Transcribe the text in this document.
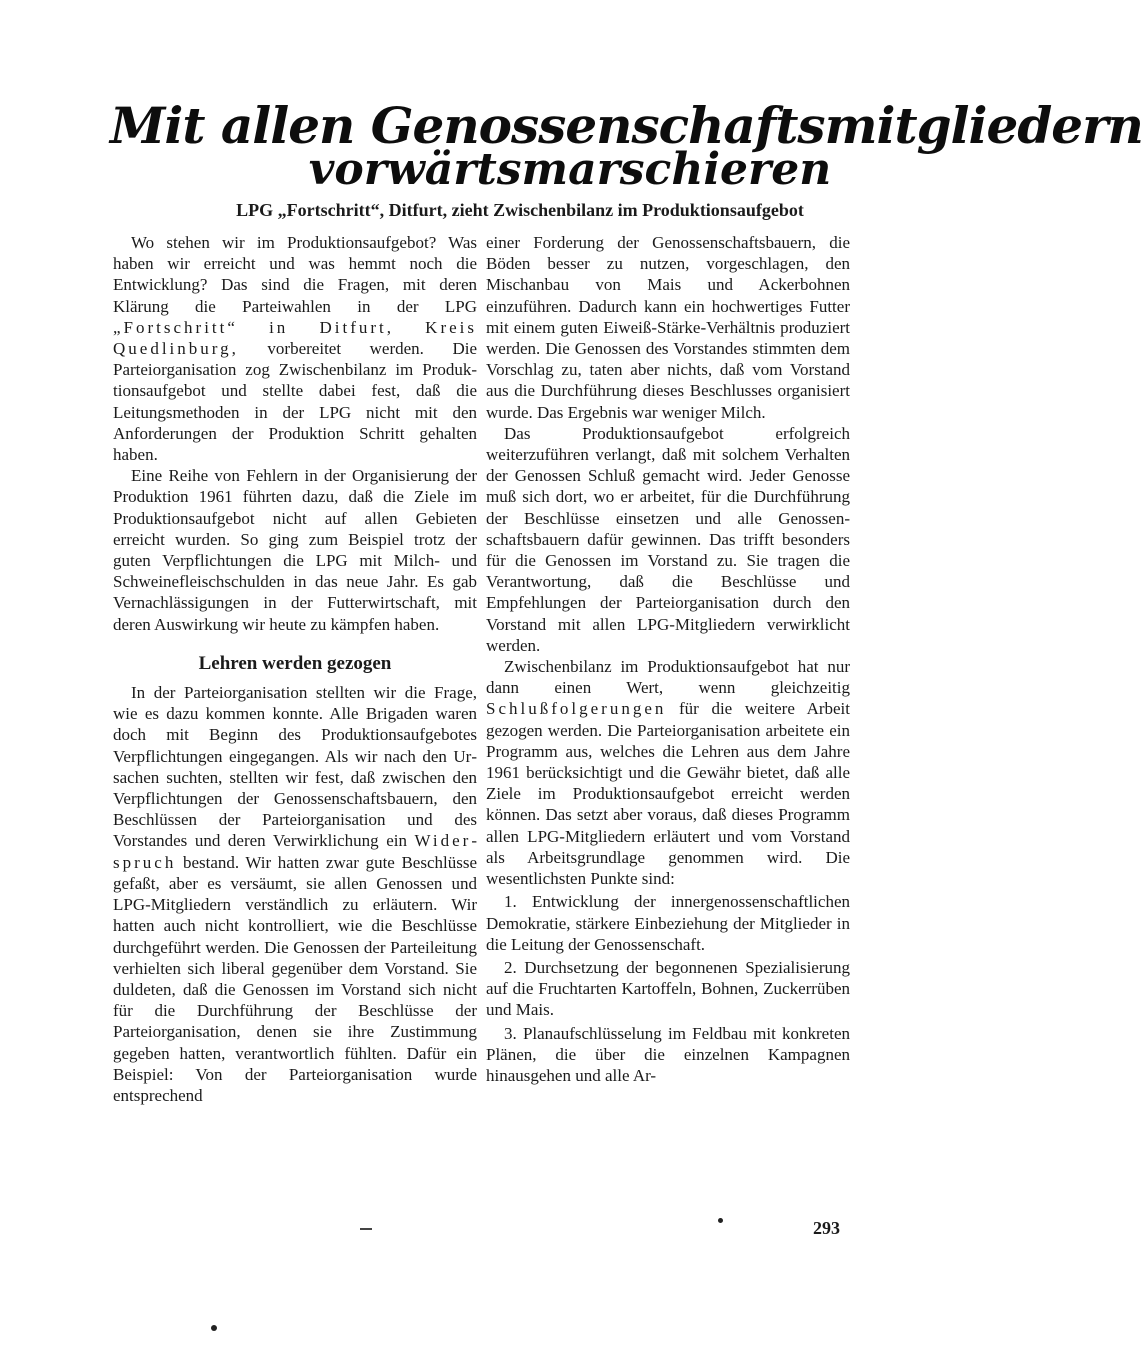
Mit allen Genossenschaftsmitgliedern
vorwärtsmarschieren

LPG „Fortschritt“, Ditfurt, zieht Zwischenbilanz im Produktionsaufgebot

Wo stehen wir im Produktionsaufgebot? Was haben wir erreicht und was hemmt noch die Entwicklung? Das sind die Fragen, mit deren Klärung die Parteiwahlen in der LPG „Fortschritt“ in Ditfurt, Kreis Quedlinburg, vorbereitet werden. Die Parteiorganisation zog Zwischenbilanz im Produktionsaufgebot und stellte dabei fest, daß die Leitungsmethoden in der LPG nicht mit den Anforderungen der Produktion Schritt gehalten haben.

Eine Reihe von Fehlern in der Organisierung der Produktion 1961 führten dazu, daß die Ziele im Produktionsaufgebot nicht auf allen Gebieten erreicht wurden. So ging zum Beispiel trotz der guten Verpflichtungen die LPG mit Milch- und Schweinefleischschulden in das neue Jahr. Es gab Vernachlässigungen in der Futterwirtschaft, mit deren Auswirkung wir heute zu kämpfen haben.

Lehren werden gezogen

In der Parteiorganisation stellten wir die Frage, wie es dazu kommen konnte. Alle Brigaden waren doch mit Beginn des Produktionsaufgebotes Verpflichtungen eingegangen. Als wir nach den Ursachen suchten, stellten wir fest, daß zwischen den Verpflichtungen der Genossenschaftsbauern, den Beschlüssen der Parteiorganisation und des Vorstandes und deren Verwirklichung ein Widerspruch bestand. Wir hatten zwar gute Beschlüsse gefaßt, aber es versäumt, sie allen Genossen und LPG-Mitgliedern verständlich zu erläutern. Wir hatten auch nicht kontrolliert, wie die Beschlüsse durchgeführt werden. Die Genossen der Parteileitung verhielten sich liberal gegenüber dem Vorstand. Sie duldeten, daß die Genossen im Vorstand sich nicht für die Durchführung der Beschlüsse der Parteiorganisation, denen sie ihre Zustimmung gegeben hatten, verantwortlich fühlten. Dafür ein Beispiel: Von der Parteiorganisation wurde entsprechend

einer Forderung der Genossenschaftsbauern, die Böden besser zu nutzen, vorgeschlagen, den Mischanbau von Mais und Ackerbohnen einzuführen. Dadurch kann ein hochwertiges Futter mit einem guten Eiweiß-Stärke-Verhältnis produziert werden. Die Genossen des Vorstandes stimmten dem Vorschlag zu, taten aber nichts, daß vom Vorstand aus die Durchführung dieses Beschlusses organisiert wurde. Das Ergebnis war weniger Milch.

Das Produktionsaufgebot erfolgreich weiterzuführen verlangt, daß mit solchem Verhalten der Genossen Schluß gemacht wird. Jeder Genosse muß sich dort, wo er arbeitet, für die Durchführung der Beschlüsse einsetzen und alle Genossenschaftsbauern dafür gewinnen. Das trifft besonders für die Genossen im Vorstand zu. Sie tragen die Verantwortung, daß die Beschlüsse und Empfehlungen der Parteiorganisation durch den Vorstand mit allen LPG-Mitgliedern verwirklicht werden.

Zwischenbilanz im Produktionsaufgebot hat nur dann einen Wert, wenn gleichzeitig Schlußfolgerungen für die weitere Arbeit gezogen werden. Die Parteiorganisation arbeitete ein Programm aus, welches die Lehren aus dem Jahre 1961 berücksichtigt und die Gewähr bietet, daß alle Ziele im Produktionsaufgebot erreicht werden können. Das setzt aber voraus, daß dieses Programm allen LPG-Mitgliedern erläutert und vom Vorstand als Arbeitsgrundlage genommen wird. Die wesentlichsten Punkte sind:

1. Entwicklung der innergenossenschaftlichen Demokratie, stärkere Einbeziehung der Mitglieder in die Leitung der Genossenschaft.

2. Durchsetzung der begonnenen Spezialisierung auf die Fruchtarten Kartoffeln, Bohnen, Zuckerrüben und Mais.

3. Planaufschlüsselung im Feldbau mit konkreten Plänen, die über die einzelnen Kampagnen hinausgehen und alle Ar-

293
